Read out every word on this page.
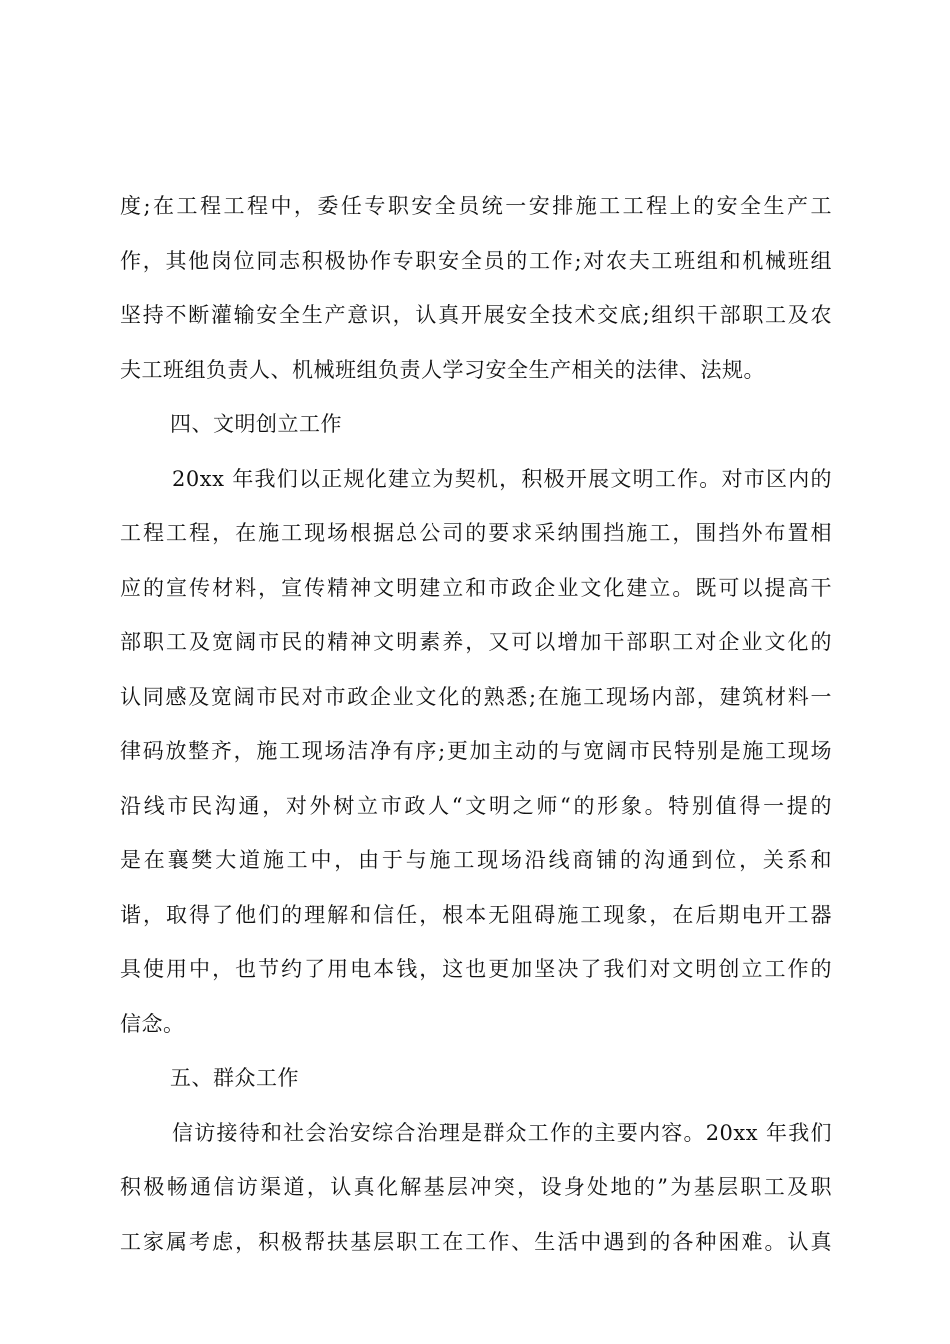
度;在工程工程中，委任专职安全员统一安排施工工程上的安全生产工
作，其他岗位同志积极协作专职安全员的工作;对农夫工班组和机械班组
坚持不断灌输安全生产意识，认真开展安全技术交底;组织干部职工及农
夫工班组负责人、机械班组负责人学习安全生产相关的法律、法规。
四、文明创立工作
20xx 年我们以正规化建立为契机，积极开展文明工作。对市区内的
工程工程，在施工现场根据总公司的要求采纳围挡施工，围挡外布置相
应的宣传材料，宣传精神文明建立和市政企业文化建立。既可以提高干
部职工及宽阔市民的精神文明素养，又可以增加干部职工对企业文化的
认同感及宽阔市民对市政企业文化的熟悉;在施工现场内部，建筑材料一
律码放整齐，施工现场洁净有序;更加主动的与宽阔市民特别是施工现场
沿线市民沟通，对外树立市政人“文明之师“的形象。特别值得一提的
是在襄樊大道施工中，由于与施工现场沿线商铺的沟通到位，关系和
谐，取得了他们的理解和信任，根本无阻碍施工现象，在后期电开工器
具使用中，也节约了用电本钱，这也更加坚决了我们对文明创立工作的
信念。
五、群众工作
信访接待和社会治安综合治理是群众工作的主要内容。20xx 年我们
积极畅通信访渠道，认真化解基层冲突，设身处地的”为基层职工及职
工家属考虑，积极帮扶基层职工在工作、生活中遇到的各种困难。认真
